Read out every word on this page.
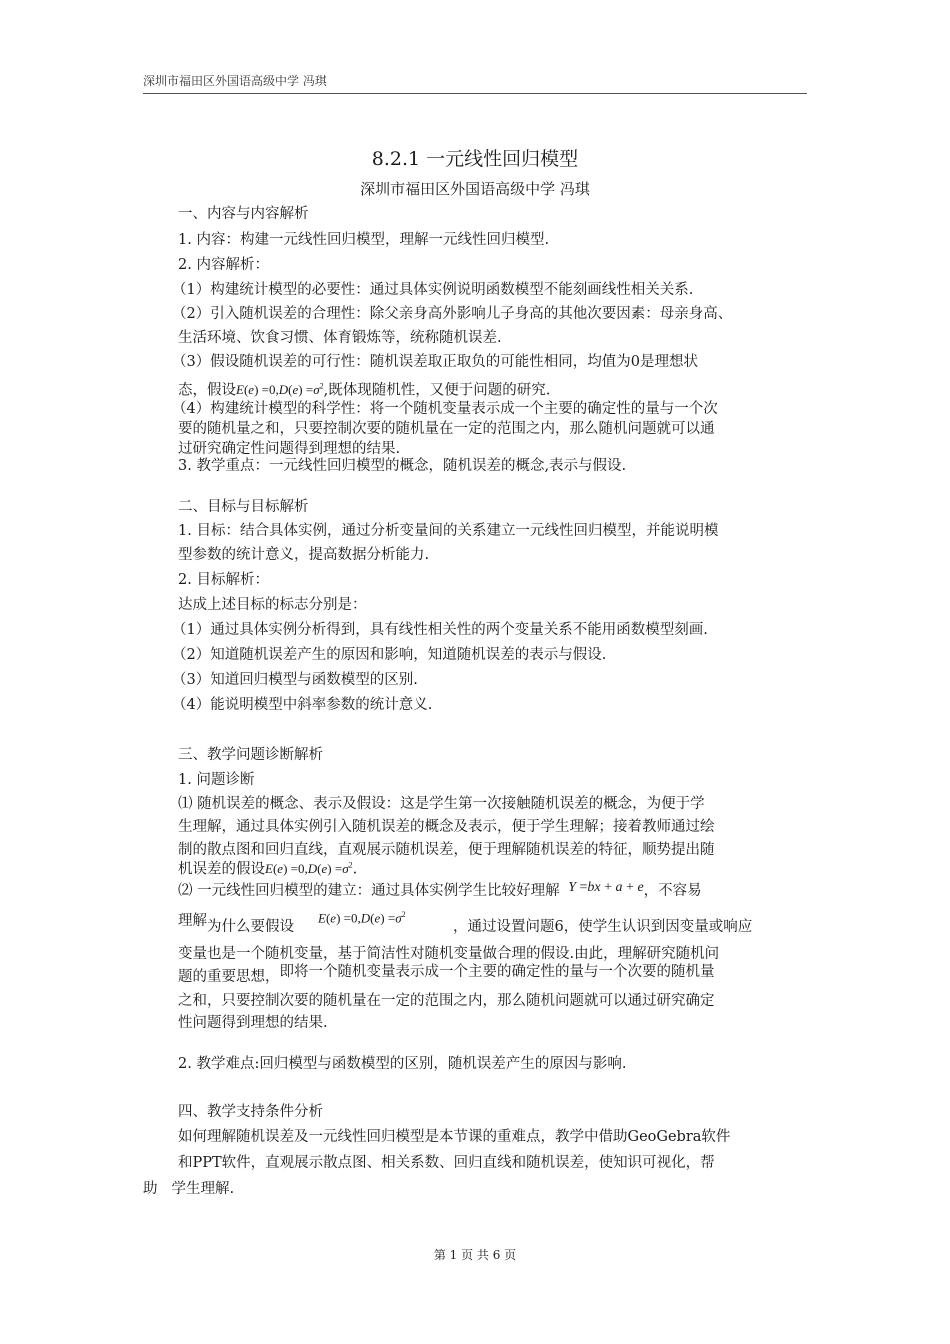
深圳市福田区外国语高级中学 冯琪
8.2.1 一元线性回归模型
深圳市福田区外国语高级中学 冯琪
一、内容与内容解析
1. 内容：构建一元线性回归模型，理解一元线性回归模型.
2. 内容解析：
（1）构建统计模型的必要性：通过具体实例说明函数模型不能刻画线性相关关系.
（2）引入随机误差的合理性：除父亲身高外影响儿子身高的其他次要因素：母亲身高、
生活环境、饮食习惯、体育锻炼等，统称随机误差.
（3）假设随机误差的可行性：随机误差取正取负的可能性相同，均值为0是理想状
态，假设$E(e) =0,D(e) =\sigma^2$,既体现随机性，又便于问题的研究.
（4）构建统计模型的科学性：将一个随机变量表示成一个主要的确定性的量与一个次
要的随机量之和，只要控制次要的随机量在一定的范围之内，那么随机问题就可以通
过研究确定性问题得到理想的结果.
3. 教学重点：一元线性回归模型的概念，随机误差的概念,表示与假设.
二、目标与目标解析
1. 目标：结合具体实例，通过分析变量间的关系建立一元线性回归模型，并能说明模
型参数的统计意义，提高数据分析能力.
2. 目标解析：
达成上述目标的标志分别是：
（1）通过具体实例分析得到，具有线性相关性的两个变量关系不能用函数模型刻画.
（2）知道随机误差产生的原因和影响，知道随机误差的表示与假设.
（3）知道回归模型与函数模型的区别.
（4）能说明模型中斜率参数的统计意义.
三、教学问题诊断解析
1. 问题诊断
⑴ 随机误差的概念、表示及假设：这是学生第一次接触随机误差的概念，为便于学
生理解，通过具体实例引入随机误差的概念及表示，便于学生理解；接着教师通过绘
制的散点图和回归直线，直观展示随机误差，便于理解随机误差的特征，顺势提出随
机误差的假设$E(e) =0,D(e) =\sigma^2$.
⑵ 一元线性回归模型的建立：通过具体实例学生比较好理解 Y =bx + a + e，不容易
理解为什么要假设
$E(e) =0,D(e) =\sigma^2$
，通过设置问题6，使学生认识到因变量或响应
变量也是一个随机变量，基于简洁性对随机变量做合理的假设.由此，理解研究随机问
题的重要思想，即将一个随机变量表示成一个主要的确定性的量与一个次要的随机量
之和，只要控制次要的随机量在一定的范围之内，那么随机问题就可以通过研究确定
性问题得到理想的结果.
2. 教学难点:回归模型与函数模型的区别，随机误差产生的原因与影响.
四、教学支持条件分析
如何理解随机误差及一元线性回归模型是本节课的重难点，教学中借助GeoGebra软件
和PPT软件，直观展示散点图、相关系数、回归直线和随机误差，使知识可视化，帮
助 学生理解.
第 1 页 共 6 页
